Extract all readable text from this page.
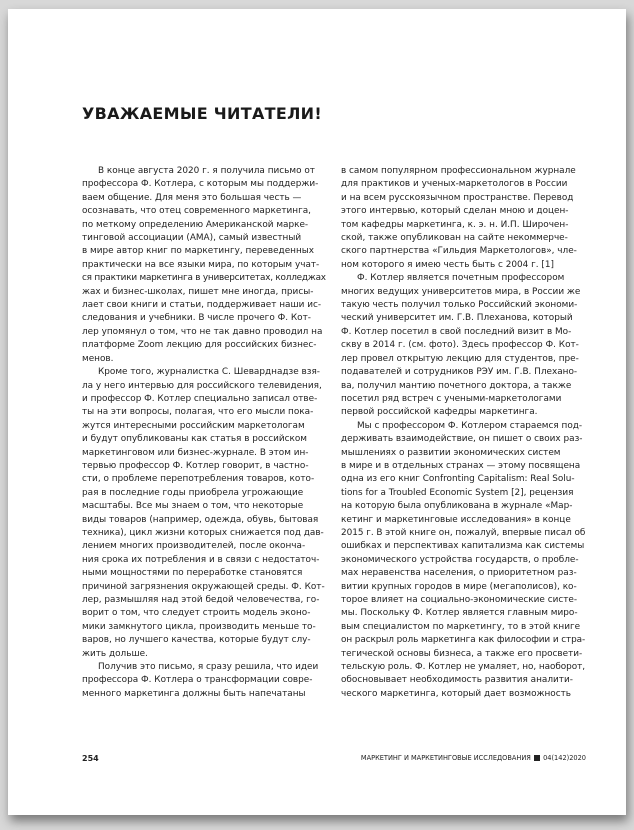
УВАЖАЕМЫЕ ЧИТАТЕЛИ!
В конце августа 2020 г. я получила письмо от
профессора Ф. Котлера, с которым мы поддержи-
ваем общение. Для меня это большая честь —
осознавать, что отец современного маркетинга,
по меткому определению Американской марке-
тинговой ассоциации (АМА), самый известный
в мире автор книг по маркетингу, переведенных
практически на все языки мира, по которым учат-
ся практики маркетинга в университетах, колледжах
жах и бизнес-школах, пишет мне иногда, присы-
лает свои книги и статьи, поддерживает наши ис-
следования и учебники. В числе прочего Ф. Кот-
лер упомянул о том, что не так давно проводил на
платформе Zoom лекцию для российских бизнес-
менов.
Кроме того, журналистка С. Шеварднадзе взя-
ла у него интервью для российского телевидения,
и профессор Ф. Котлер специально записал отве-
ты на эти вопросы, полагая, что его мысли пока-
жутся интересными российским маркетологам
и будут опубликованы как статья в российском
маркетинговом или бизнес-журнале. В этом ин-
тервью профессор Ф. Котлер говорит, в частно-
сти, о проблеме перепотребления товаров, кото-
рая в последние годы приобрела угрожающие
масштабы. Все мы знаем о том, что некоторые
виды товаров (например, одежда, обувь, бытовая
техника), цикл жизни которых снижается под дав-
лением многих производителей, после оконча-
ния срока их потребления и в связи с недостаточ-
ными мощностями по переработке становятся
причиной загрязнения окружающей среды. Ф. Кот-
лер, размышляя над этой бедой человечества, го-
ворит о том, что следует строить модель эконо-
мики замкнутого цикла, производить меньше то-
варов, но лучшего качества, которые будут слу-
жить дольше.
Получив это письмо, я сразу решила, что идеи
профессора Ф. Котлера о трансформации совре-
менного маркетинга должны быть напечатаны
в самом популярном профессиональном журнале
для практиков и ученых-маркетологов в России
и на всем русскоязычном пространстве. Перевод
этого интервью, который сделан мною и доцен-
том кафедры маркетинга, к. э. н. И.П. Широчен-
ской, также опубликован на сайте некоммерче-
ского партнерства «Гильдия Маркетологов», чле-
ном которого я имею честь быть с 2004 г. [1]
Ф. Котлер является почетным профессором
многих ведущих университетов мира, в России же
такую честь получил только Российский экономи-
ческий университет им. Г.В. Плеханова, который
Ф. Котлер посетил в свой последний визит в Мо-
скву в 2014 г. (см. фото). Здесь профессор Ф. Кот-
лер провел открытую лекцию для студентов, пре-
подавателей и сотрудников РЭУ им. Г.В. Плехано-
ва, получил мантию почетного доктора, а также
посетил ряд встреч с учеными-маркетологами
первой российской кафедры маркетинга.
Мы с профессором Ф. Котлером стараемся под-
держивать взаимодействие, он пишет о своих раз-
мышлениях о развитии экономических систем
в мире и в отдельных странах — этому посвящена
одна из его книг Confronting Capitalism: Real Solu-
tions for a Troubled Economic System [2], рецензия
на которую была опубликована в журнале «Мар-
кетинг и маркетинговые исследования» в конце
2015 г. В этой книге он, пожалуй, впервые писал об
ошибках и перспективах капитализма как системы
экономического устройства государств, о пробле-
мах неравенства населения, о приоритетном раз-
витии крупных городов в мире (мегаполисов), ко-
торое влияет на социально-экономические систе-
мы. Поскольку Ф. Котлер является главным миро-
вым специалистом по маркетингу, то в этой книге
он раскрыл роль маркетинга как философии и стра-
тегической основы бизнеса, а также его просвети-
тельскую роль. Ф. Котлер не умаляет, но, наоборот,
обосновывает необходимость развития аналити-
ческого маркетинга, который дает возможность
254	МАРКЕТИНГ И МАРКЕТИНГОВЫЕ ИССЛЕДОВАНИЯ 04(142)2020
